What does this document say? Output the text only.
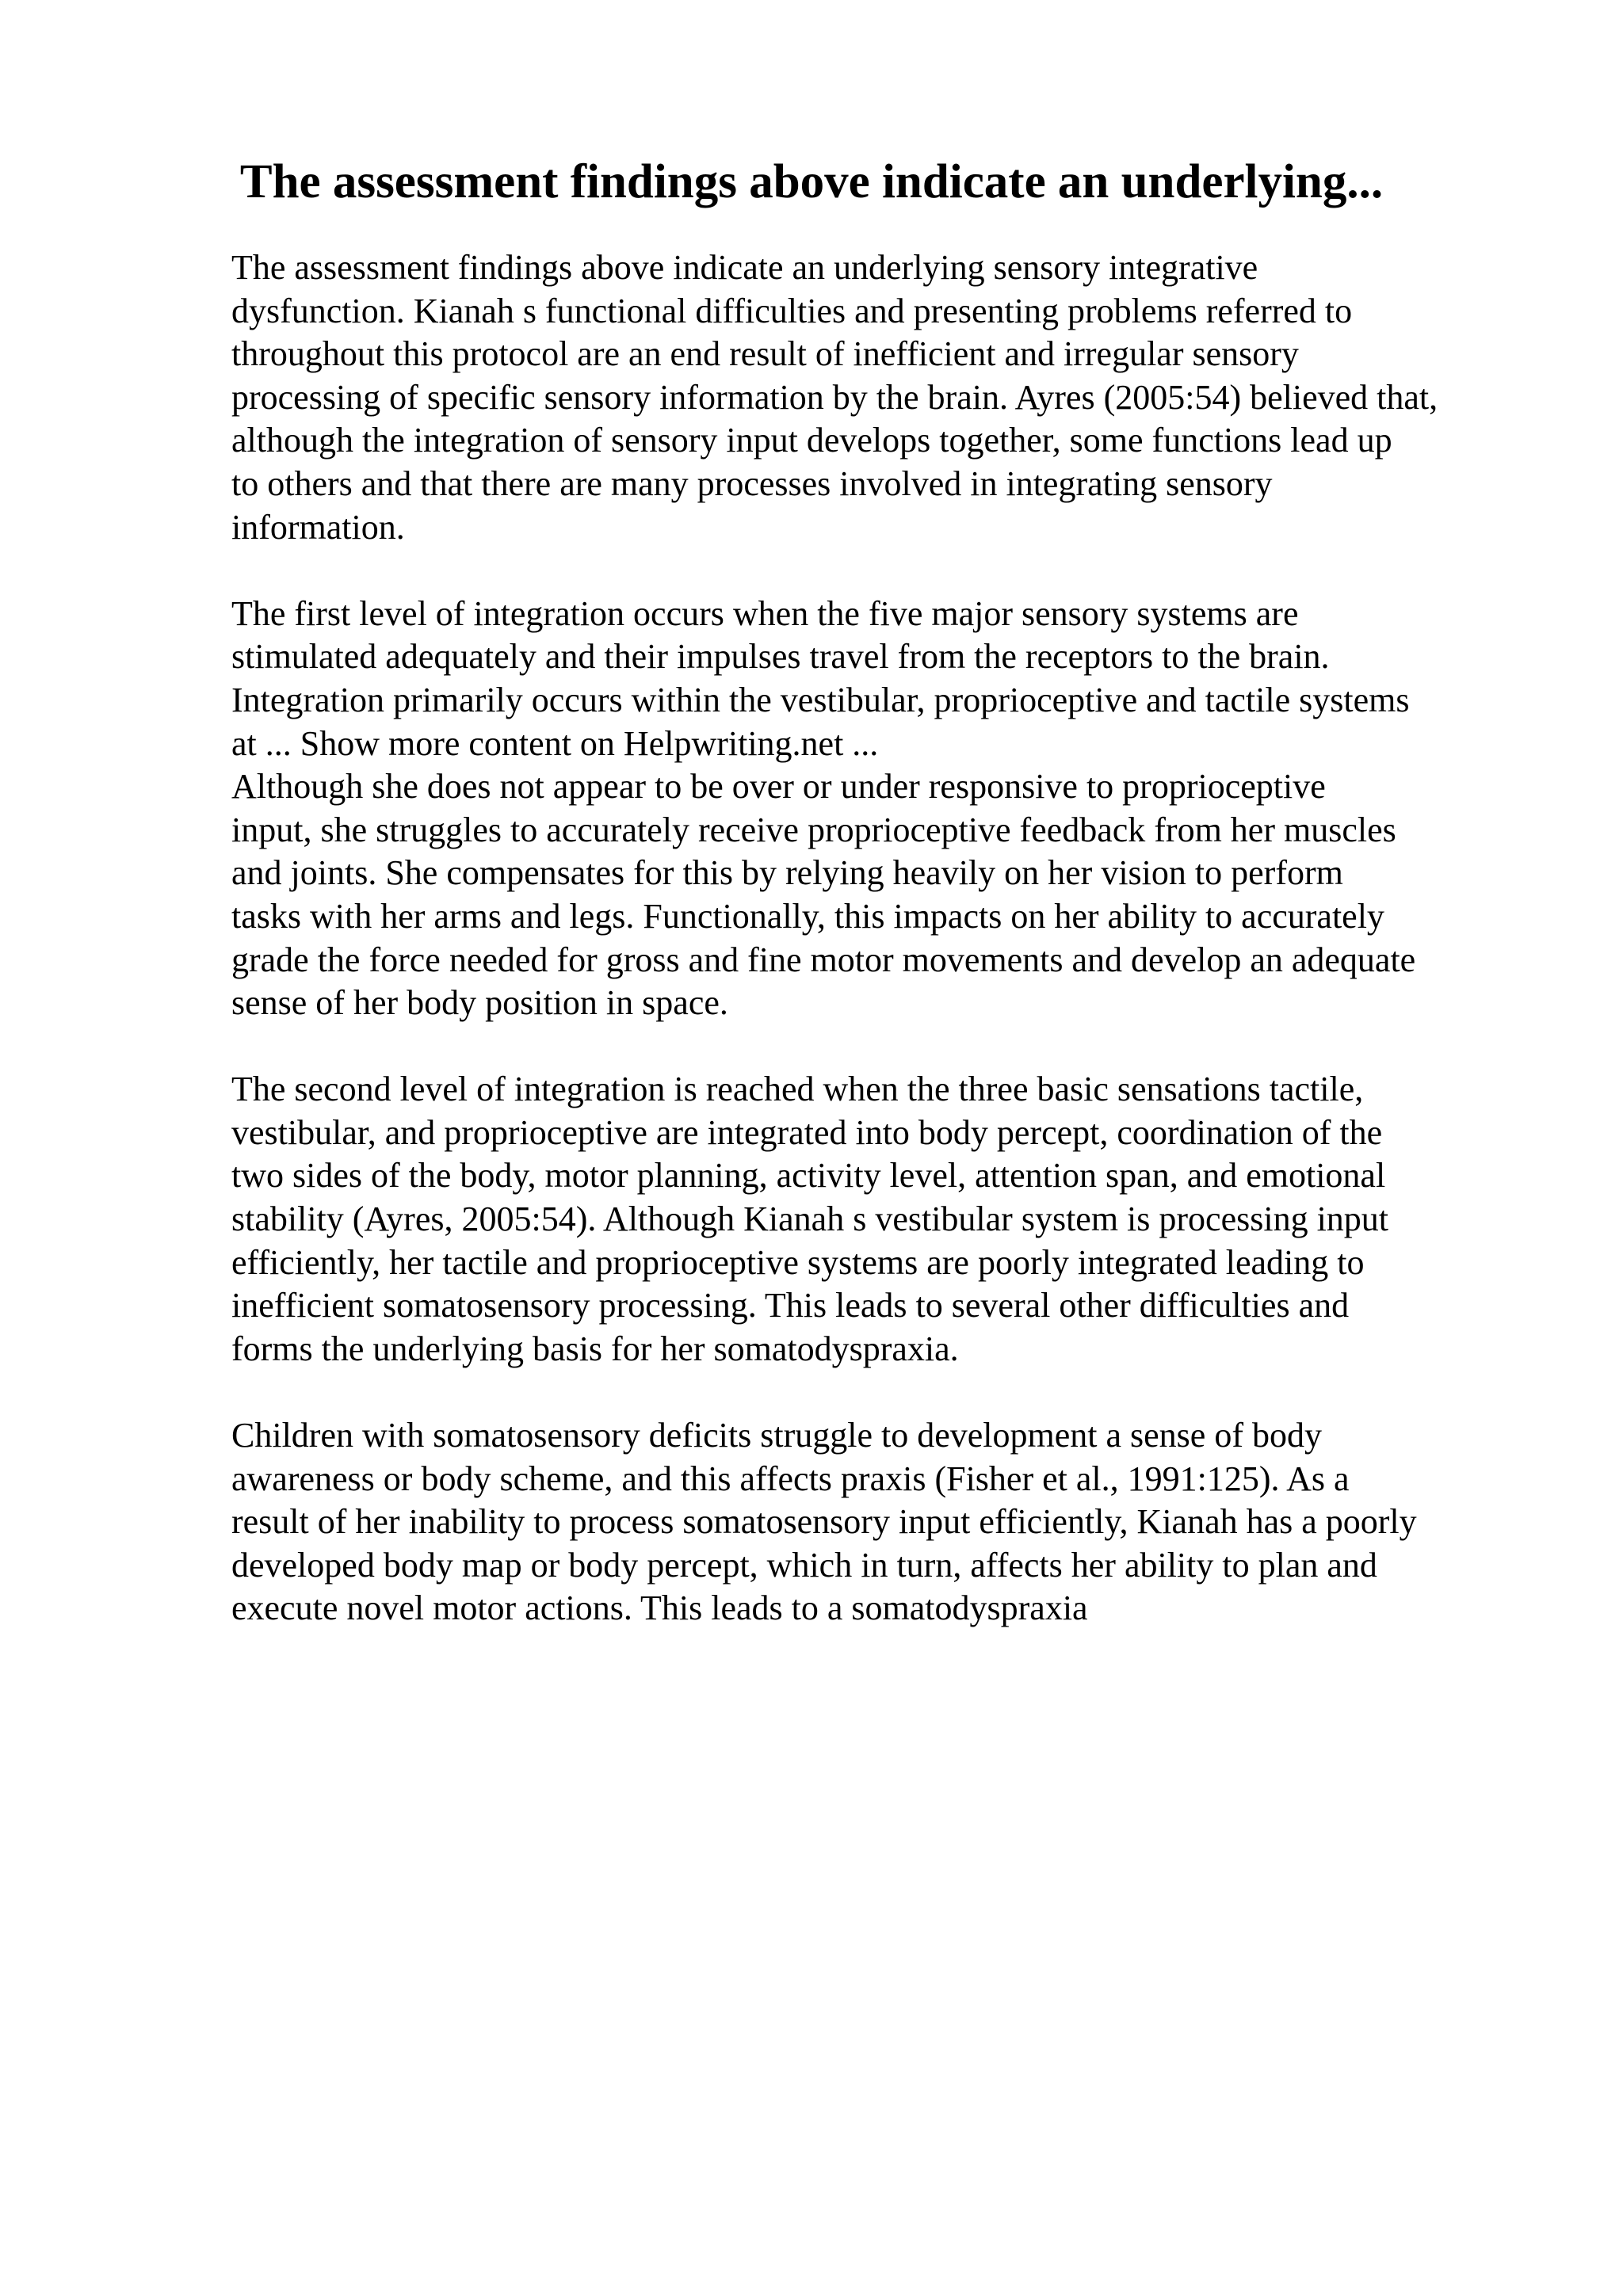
The assessment findings above indicate an underlying...
The assessment findings above indicate an underlying sensory integrative
dysfunction. Kianah s functional difficulties and presenting problems referred to
throughout this protocol are an end result of inefficient and irregular sensory
processing of specific sensory information by the brain. Ayres (2005:54) believed that,
although the integration of sensory input develops together, some functions lead up
to others and that there are many processes involved in integrating sensory
information.
The first level of integration occurs when the five major sensory systems are
stimulated adequately and their impulses travel from the receptors to the brain.
Integration primarily occurs within the vestibular, proprioceptive and tactile systems
at ... Show more content on Helpwriting.net ...
Although she does not appear to be over or under responsive to proprioceptive
input, she struggles to accurately receive proprioceptive feedback from her muscles
and joints. She compensates for this by relying heavily on her vision to perform
tasks with her arms and legs. Functionally, this impacts on her ability to accurately
grade the force needed for gross and fine motor movements and develop an adequate
sense of her body position in space.
The second level of integration is reached when the three basic sensations tactile,
vestibular, and proprioceptive are integrated into body percept, coordination of the
two sides of the body, motor planning, activity level, attention span, and emotional
stability (Ayres, 2005:54). Although Kianah s vestibular system is processing input
efficiently, her tactile and proprioceptive systems are poorly integrated leading to
inefficient somatosensory processing. This leads to several other difficulties and
forms the underlying basis for her somatodyspraxia.
Children with somatosensory deficits struggle to development a sense of body
awareness or body scheme, and this affects praxis (Fisher et al., 1991:125). As a
result of her inability to process somatosensory input efficiently, Kianah has a poorly
developed body map or body percept, which in turn, affects her ability to plan and
execute novel motor actions. This leads to a somatodyspraxia
